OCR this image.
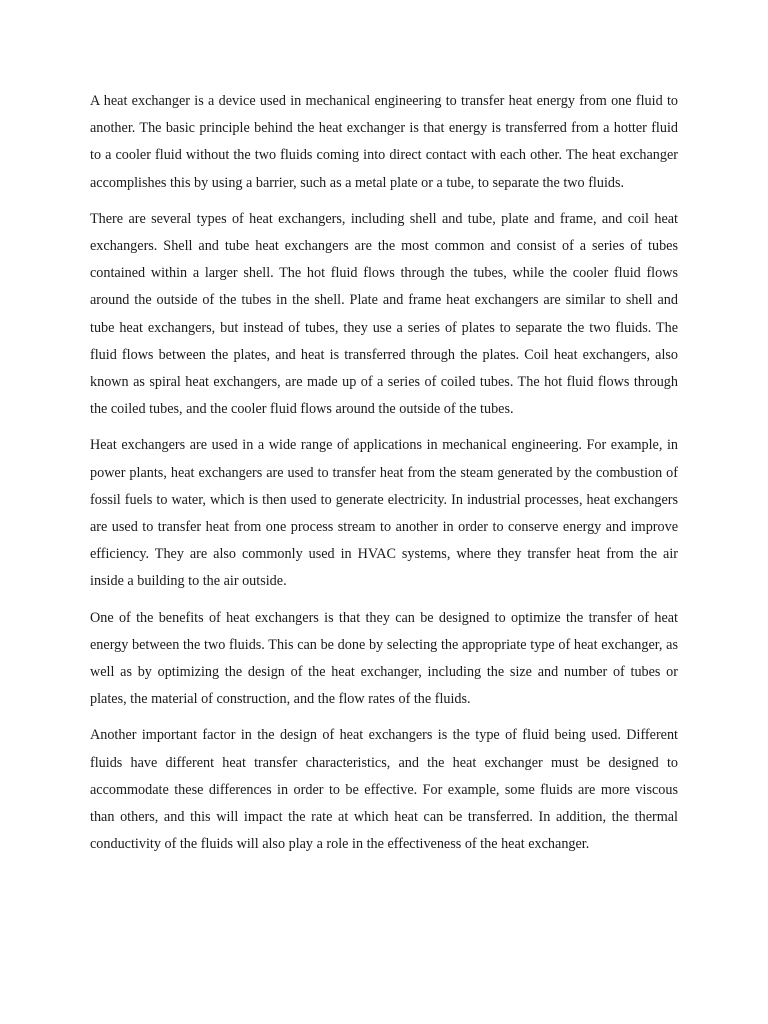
A heat exchanger is a device used in mechanical engineering to transfer heat energy from one fluid to another. The basic principle behind the heat exchanger is that energy is transferred from a hotter fluid to a cooler fluid without the two fluids coming into direct contact with each other. The heat exchanger accomplishes this by using a barrier, such as a metal plate or a tube, to separate the two fluids.

There are several types of heat exchangers, including shell and tube, plate and frame, and coil heat exchangers. Shell and tube heat exchangers are the most common and consist of a series of tubes contained within a larger shell. The hot fluid flows through the tubes, while the cooler fluid flows around the outside of the tubes in the shell. Plate and frame heat exchangers are similar to shell and tube heat exchangers, but instead of tubes, they use a series of plates to separate the two fluids. The fluid flows between the plates, and heat is transferred through the plates. Coil heat exchangers, also known as spiral heat exchangers, are made up of a series of coiled tubes. The hot fluid flows through the coiled tubes, and the cooler fluid flows around the outside of the tubes.

Heat exchangers are used in a wide range of applications in mechanical engineering. For example, in power plants, heat exchangers are used to transfer heat from the steam generated by the combustion of fossil fuels to water, which is then used to generate electricity. In industrial processes, heat exchangers are used to transfer heat from one process stream to another in order to conserve energy and improve efficiency. They are also commonly used in HVAC systems, where they transfer heat from the air inside a building to the air outside.

One of the benefits of heat exchangers is that they can be designed to optimize the transfer of heat energy between the two fluids. This can be done by selecting the appropriate type of heat exchanger, as well as by optimizing the design of the heat exchanger, including the size and number of tubes or plates, the material of construction, and the flow rates of the fluids.

Another important factor in the design of heat exchangers is the type of fluid being used. Different fluids have different heat transfer characteristics, and the heat exchanger must be designed to accommodate these differences in order to be effective. For example, some fluids are more viscous than others, and this will impact the rate at which heat can be transferred. In addition, the thermal conductivity of the fluids will also play a role in the effectiveness of the heat exchanger.
